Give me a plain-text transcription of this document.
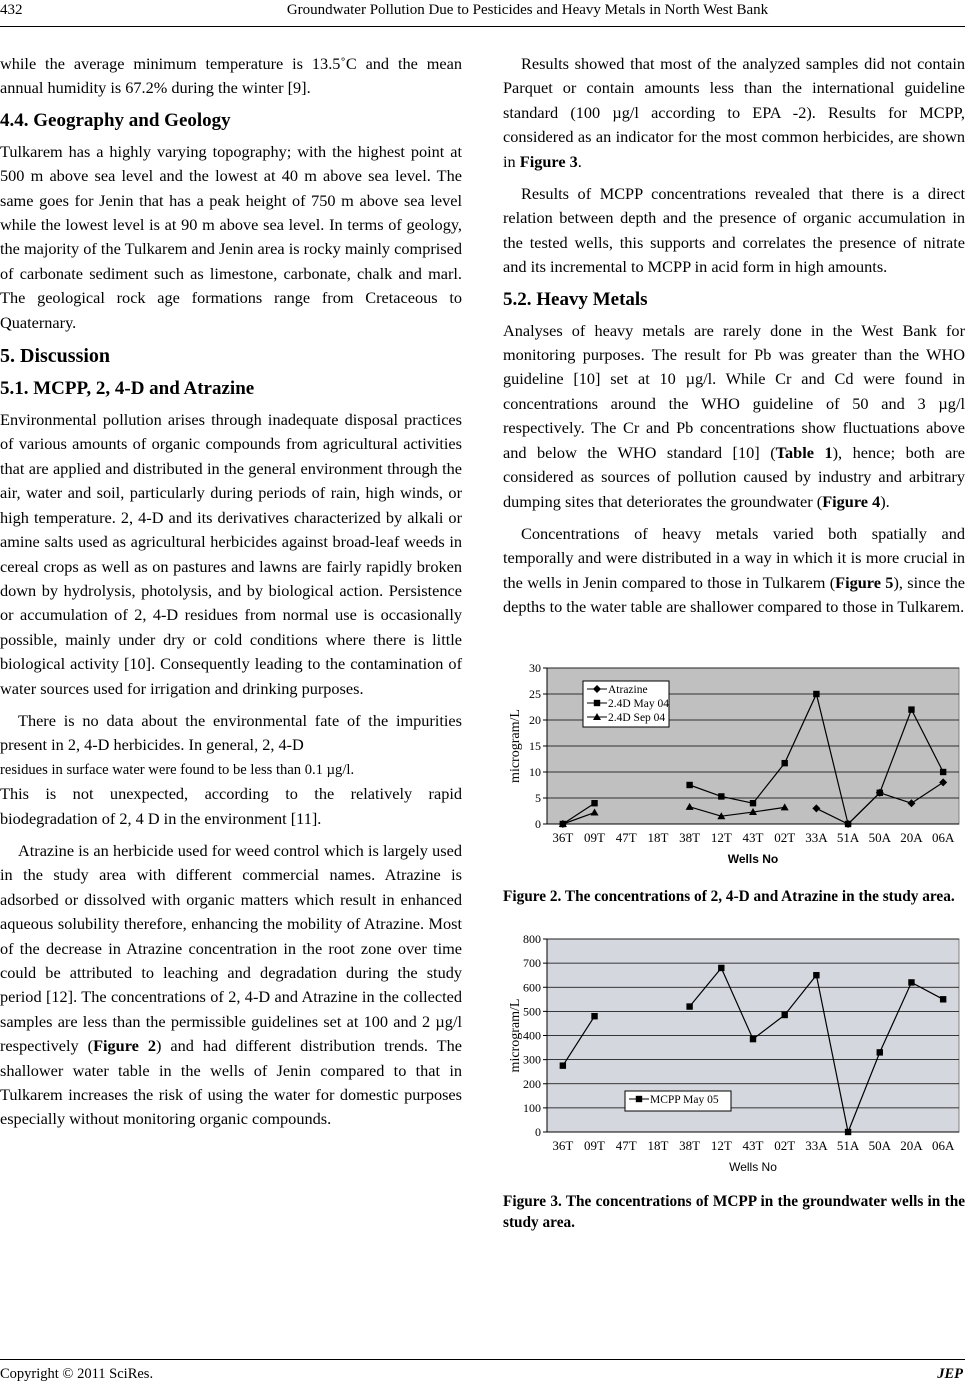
432	Groundwater Pollution Due to Pesticides and Heavy Metals in North West Bank

while the average minimum temperature is 13.5˚C and the mean annual humidity is 67.2% during the winter [9].

4.4. Geography and Geology

Tulkarem has a highly varying topography; with the highest point at 500 m above sea level and the lowest at 40 m above sea level. The same goes for Jenin that has a peak height of 750 m above sea level while the lowest level is at 90 m above sea level. In terms of geology, the majority of the Tulkarem and Jenin area is rocky mainly comprised of carbonate sediment such as limestone, carbonate, chalk and marl. The geological rock age formations range from Cretaceous to Quaternary.

5. Discussion
5.1. MCPP, 2, 4-D and Atrazine

Environmental pollution arises through inadequate disposal practices of various amounts of organic compounds from agricultural activities that are applied and distributed in the general environment through the air, water and soil, particularly during periods of rain, high winds, or high temperature. 2, 4-D and its derivatives characterized by alkali or amine salts used as agricultural herbicides against broad-leaf weeds in cereal crops as well as on pastures and lawns are fairly rapidly broken down by hydrolysis, photolysis, and by biological action. Persistence or accumulation of 2, 4-D residues from normal use is occasionally possible, mainly under dry or cold conditions where there is little biological activity [10]. Consequently leading to the contamination of water sources used for irrigation and drinking purposes.

There is no data about the environmental fate of the impurities present in 2, 4-D herbicides. In general, 2, 4-D

residues in surface water were found to be less than 0.1 µg/l.

This is not unexpected, according to the relatively rapid biodegradation of 2, 4 D in the environment [11].

Atrazine is an herbicide used for weed control which is largely used in the study area with different commercial names. Atrazine is adsorbed or dissolved with organic matters which result in enhanced aqueous solubility therefore, enhancing the mobility of Atrazine. Most of the decrease in Atrazine concentration in the root zone over time could be attributed to leaching and degradation during the study period [12]. The concentrations of 2, 4-D and Atrazine in the collected samples are less than the permissible guidelines set at 100 and 2 µg/l respectively (Figure 2) and had different distribution trends. The shallower water table in the wells of Jenin compared to that in Tulkarem increases the risk of using the water for domestic purposes especially without monitoring organic compounds.

Results showed that most of the analyzed samples did not contain Parquet or contain amounts less than the international guideline standard (100 µg/l according to EPA -2). Results for MCPP, considered as an indicator for the most common herbicides, are shown in Figure 3.

Results of MCPP concentrations revealed that there is a direct relation between depth and the presence of organic accumulation in the tested wells, this supports and correlates the presence of nitrate and its incremental to MCPP in acid form in high amounts.

5.2. Heavy Metals

Analyses of heavy metals are rarely done in the West Bank for monitoring purposes. The result for Pb was greater than the WHO guideline [10] set at 10 µg/l. While Cr and Cd were found in concentrations around the WHO guideline of 50 and 3 µg/l respectively. The Cr and Pb concentrations show fluctuations above and below the WHO standard [10] (Table 1), hence; both are considered as sources of pollution caused by industry and arbitrary dumping sites that deteriorates the groundwater (Figure 4).

Concentrations of heavy metals varied both spatially and temporally and were distributed in a way in which it is more crucial in the wells in Jenin compared to those in Tulkarem (Figure 5), since the depths to the water table are shallower compared to those in Tulkarem.

0
5
10
15
20
25
30
36T 09T 47T 18T 38T 12T 43T 02T 33A 51A 50A 20A 06A
Wells No
microgram/L
Atrazine
2.4D May 04
2.4D Sep 04
Figure 2. The concentrations of 2, 4-D and Atrazine in the study area.
0
100
200
300
400
500
600
700
800
36T 09T 47T 18T 38T 12T 43T 02T 33A 51A 50A 20A 06A
Wells No
microgram/L
MCPP May 05
Figure 3. The concentrations of MCPP in the groundwater wells in the study area.
Copyright © 2011 SciRes.	JEP
